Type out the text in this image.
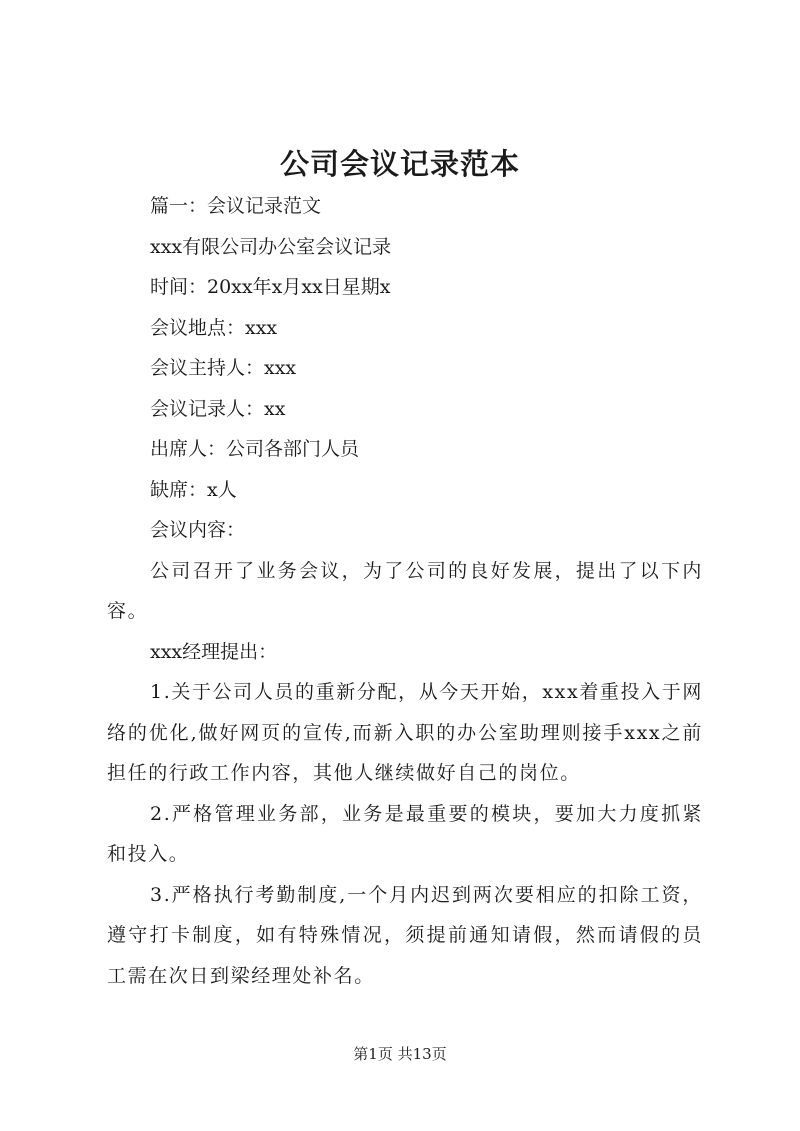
公司会议记录范本

篇一：会议记录范文

xxx有限公司办公室会议记录

时间：20xx年x月xx日星期x

会议地点：xxx

会议主持人：xxx

会议记录人：xx

出席人：公司各部门人员

缺席：x人

会议内容：

公司召开了业务会议，为了公司的良好发展，提出了以下内容。

xxx经理提出：

1.关于公司人员的重新分配，从今天开始，xxx着重投入于网络的优化,做好网页的宣传,而新入职的办公室助理则接手xxx之前担任的行政工作内容，其他人继续做好自己的岗位。

2.严格管理业务部，业务是最重要的模块，要加大力度抓紧和投入。

3.严格执行考勤制度,一个月内迟到两次要相应的扣除工资，遵守打卡制度，如有特殊情况，须提前通知请假，然而请假的员工需在次日到梁经理处补名。

第1页 共13页
